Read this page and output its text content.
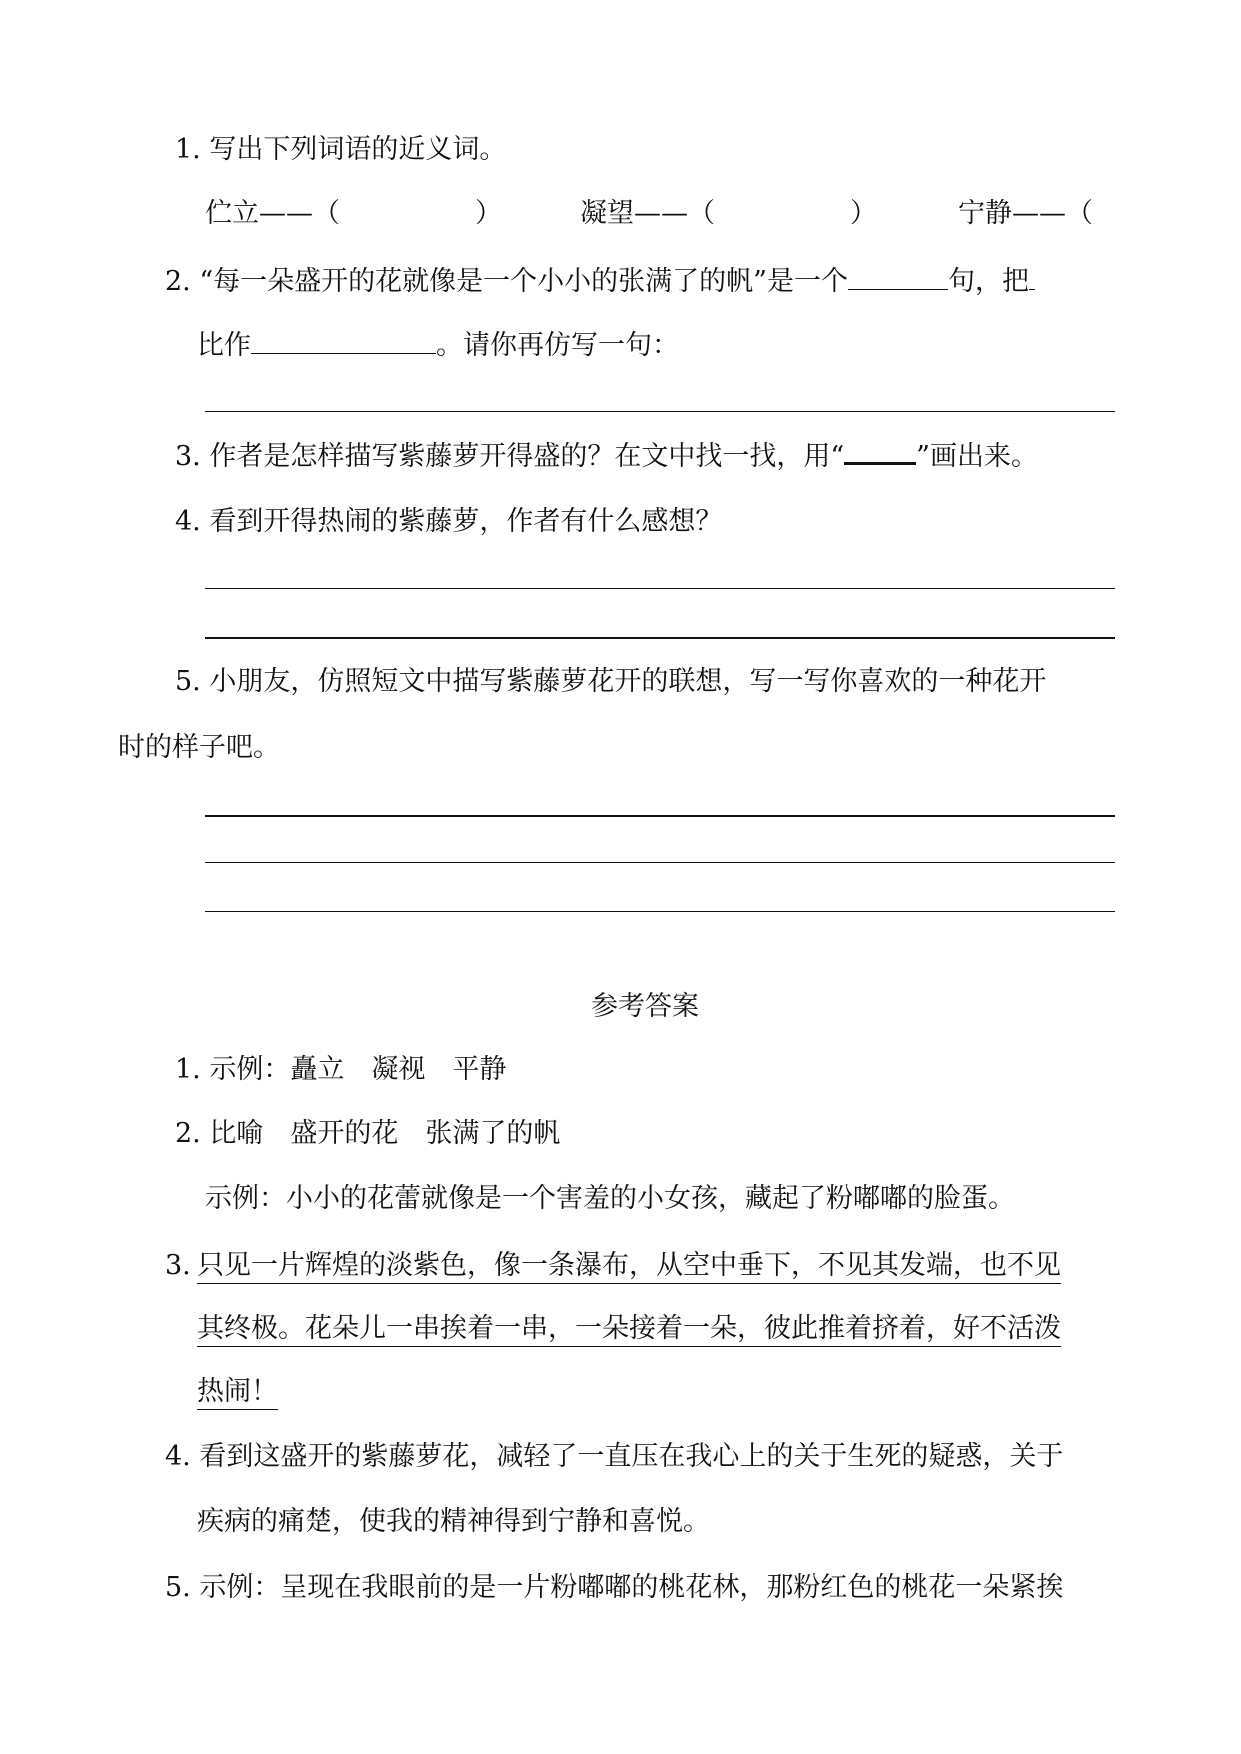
1. 写出下列词语的近义词。
伫立——（　　　　　）	凝望——（　　　　　）	宁静——（
2. “每一朵盛开的花就像是一个小小的张满了的帆”是一个	句，把
比作	。请你再仿写一句：
3. 作者是怎样描写紫藤萝开得盛的？在文中找一找，用“	”画出来。
4. 看到开得热闹的紫藤萝，作者有什么感想？
5. 小朋友，仿照短文中描写紫藤萝花开的联想，写一写你喜欢的一种花开
时的样子吧。
参考答案
1. 示例：矗立　凝视　平静
2. 比喻　盛开的花　张满了的帆
示例：小小的花蕾就像是一个害羞的小女孩，藏起了粉嘟嘟的脸蛋。
3. 只见一片辉煌的淡紫色，像一条瀑布，从空中垂下，不见其发端，也不见
其终极。花朵儿一串挨着一串，一朵接着一朵，彼此推着挤着，好不活泼
热闹！
4. 看到这盛开的紫藤萝花，减轻了一直压在我心上的关于生死的疑惑，关于
疾病的痛楚，使我的精神得到宁静和喜悦。
5. 示例：呈现在我眼前的是一片粉嘟嘟的桃花林，那粉红色的桃花一朵紧挨
